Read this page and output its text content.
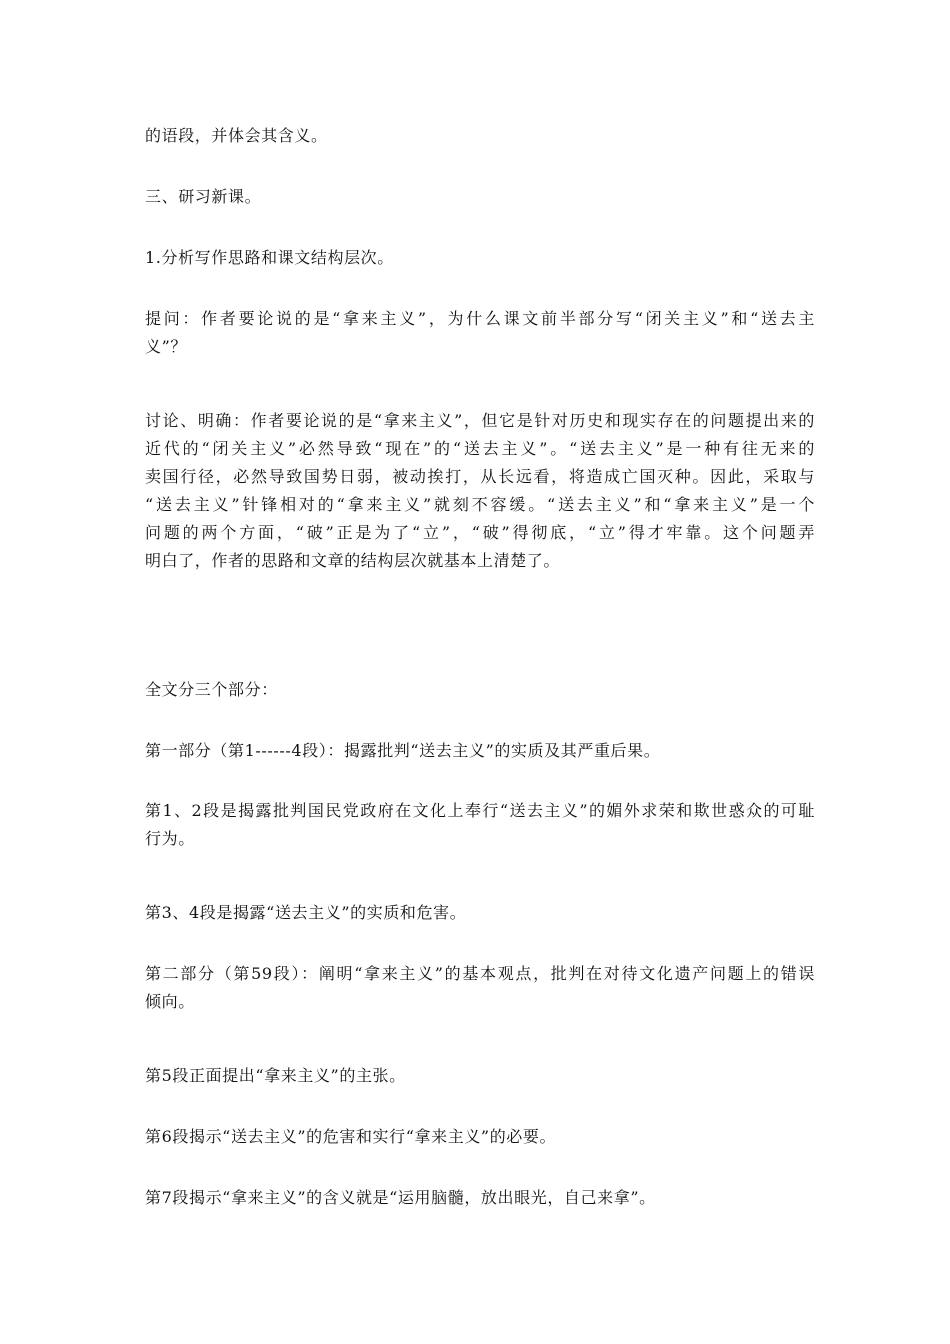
的语段，并体会其含义。

三、研习新课。

1.分析写作思路和课文结构层次。

提问：作者要论说的是“拿来主义”，为什么课文前半部分写“闭关主义”和“送去主
义”？

讨论、明确：作者要论说的是“拿来主义”，但它是针对历史和现实存在的问题提出来的
近代的“闭关主义”必然导致“现在”的“送去主义”。“送去主义”是一种有往无来的
卖国行径，必然导致国势日弱，被动挨打，从长远看，将造成亡国灭种。因此，采取与
“送去主义”针锋相对的“拿来主义”就刻不容缓。“送去主义”和“拿来主义”是一个
问题的两个方面，“破”正是为了“立”，“破”得彻底，“立”得才牢靠。这个问题弄
明白了，作者的思路和文章的结构层次就基本上清楚了。

全文分三个部分：

第一部分（第1------4段）：揭露批判“送去主义”的实质及其严重后果。

第1、2段是揭露批判国民党政府在文化上奉行“送去主义”的媚外求荣和欺世惑众的可耻
行为。

第3、4段是揭露“送去主义”的实质和危害。

第二部分（第59段）：阐明“拿来主义”的基本观点，批判在对待文化遗产问题上的错误
倾向。

第5段正面提出“拿来主义”的主张。

第6段揭示“送去主义”的危害和实行“拿来主义”的必要。

第7段揭示“拿来主义”的含义就是“运用脑髓，放出眼光，自己来拿”。
